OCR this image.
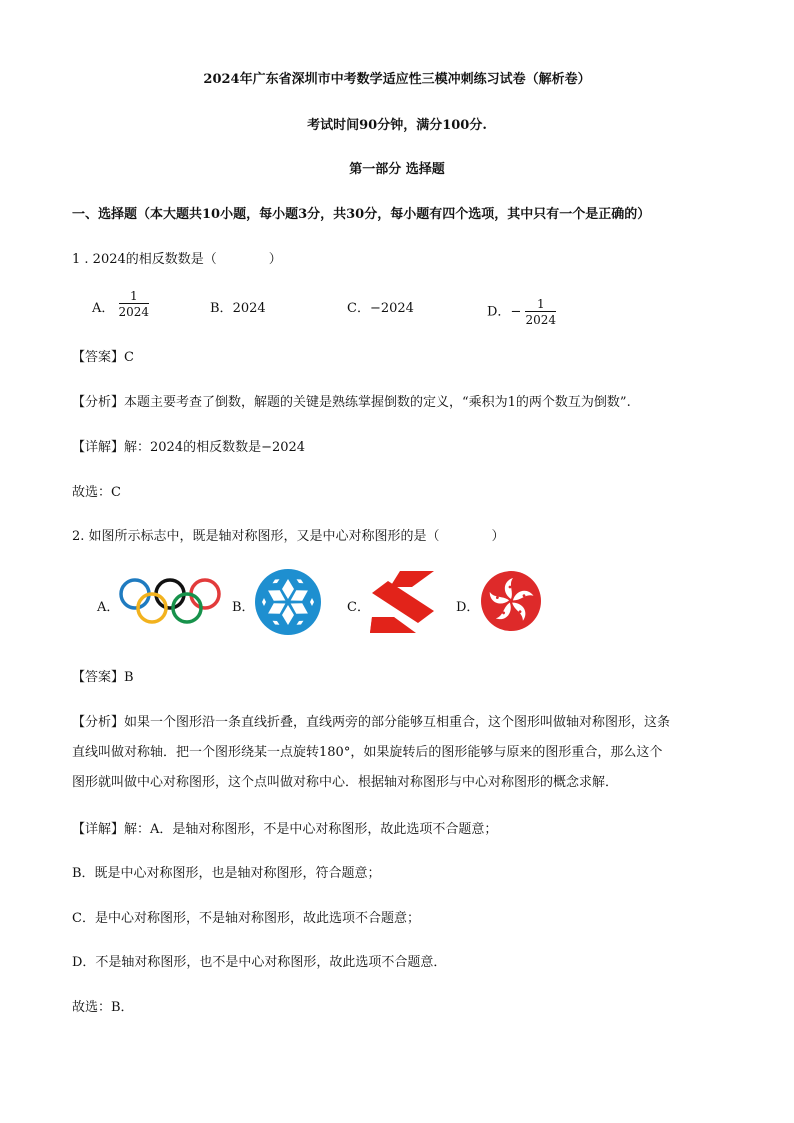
2024年广东省深圳市中考数学适应性三模冲刺练习试卷（解析卷）
考试时间90分钟，满分100分.
第一部分 选择题
一、选择题（本大题共10小题，每小题3分，共30分，每小题有四个选项，其中只有一个是正确的）
1 . 2024的相反数数是（　　　　）
A． $\frac{1}{2024}$	B．2024	C．−2024	D．− $\frac{1}{2024}$
【答案】C
【分析】本题主要考查了倒数，解题的关键是熟练掌握倒数的定义，“乘积为1的两个数互为倒数”.
【详解】解：2024的相反数数是−2024
故选：C
2. 如图所示标志中，既是轴对称图形，又是中心对称图形的是（　　　　）
A．	B．	C．	D．
【答案】B
【分析】如果一个图形沿一条直线折叠，直线两旁的部分能够互相重合，这个图形叫做轴对称图形，这条
直线叫做对称轴．把一个图形绕某一点旋转180°，如果旋转后的图形能够与原来的图形重合，那么这个
图形就叫做中心对称图形，这个点叫做对称中心．根据轴对称图形与中心对称图形的概念求解．
【详解】解：A．是轴对称图形，不是中心对称图形，故此选项不合题意；
B．既是中心对称图形，也是轴对称图形，符合题意；
C．是中心对称图形，不是轴对称图形，故此选项不合题意；
D．不是轴对称图形，也不是中心对称图形，故此选项不合题意．
故选：B．
